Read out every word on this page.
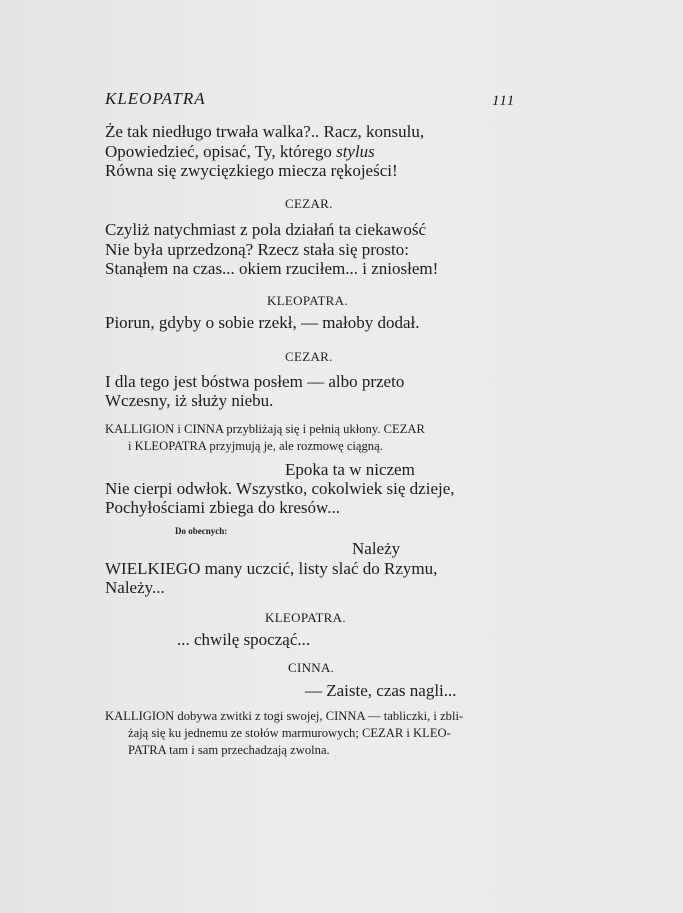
KLEOPATRA	111
Że tak niedługo trwała walka?.. Racz, konsulu,
Opowiedzieć, opisać, Ty, którego stylus
Równa się zwycięzkiego miecza rękojeści!
CEZAR.
Czyliż natychmiast z pola działań ta ciekawość
Nie była uprzedzoną? Rzecz stała się prosto:
Stanąłem na czas... okiem rzuciłem... i zniosłem!
KLEOPATRA.
Piorun, gdyby o sobie rzekł, — małoby dodał.
CEZAR.
I dla tego jest bóstwa posłem — albo przeto
Wczesny, iż służy niebu.
KALLIGION i CINNA przybliżają się i pełnią ukłony. CEZAR
i KLEOPATRA przyjmują je, ale rozmowę ciągną.
Epoka ta w niczem
Nie cierpi odwłok. Wszystko, cokolwiek się dzieje,
Pochyłościami zbiega do kresów...
Do obecnych:
Należy
WIELKIEGO many uczcić, listy slać do Rzymu,
Należy...
KLEOPATRA.
... chwilę spocząć...
CINNA.
— Zaiste, czas nagli...
KALLIGION dobywa zwitki z togi swojej, CINNA — tabliczki, i zbli-
żają się ku jednemu ze stołów marmurowych; CEZAR i KLEO-
PATRA tam i sam przechadzają zwolna.
